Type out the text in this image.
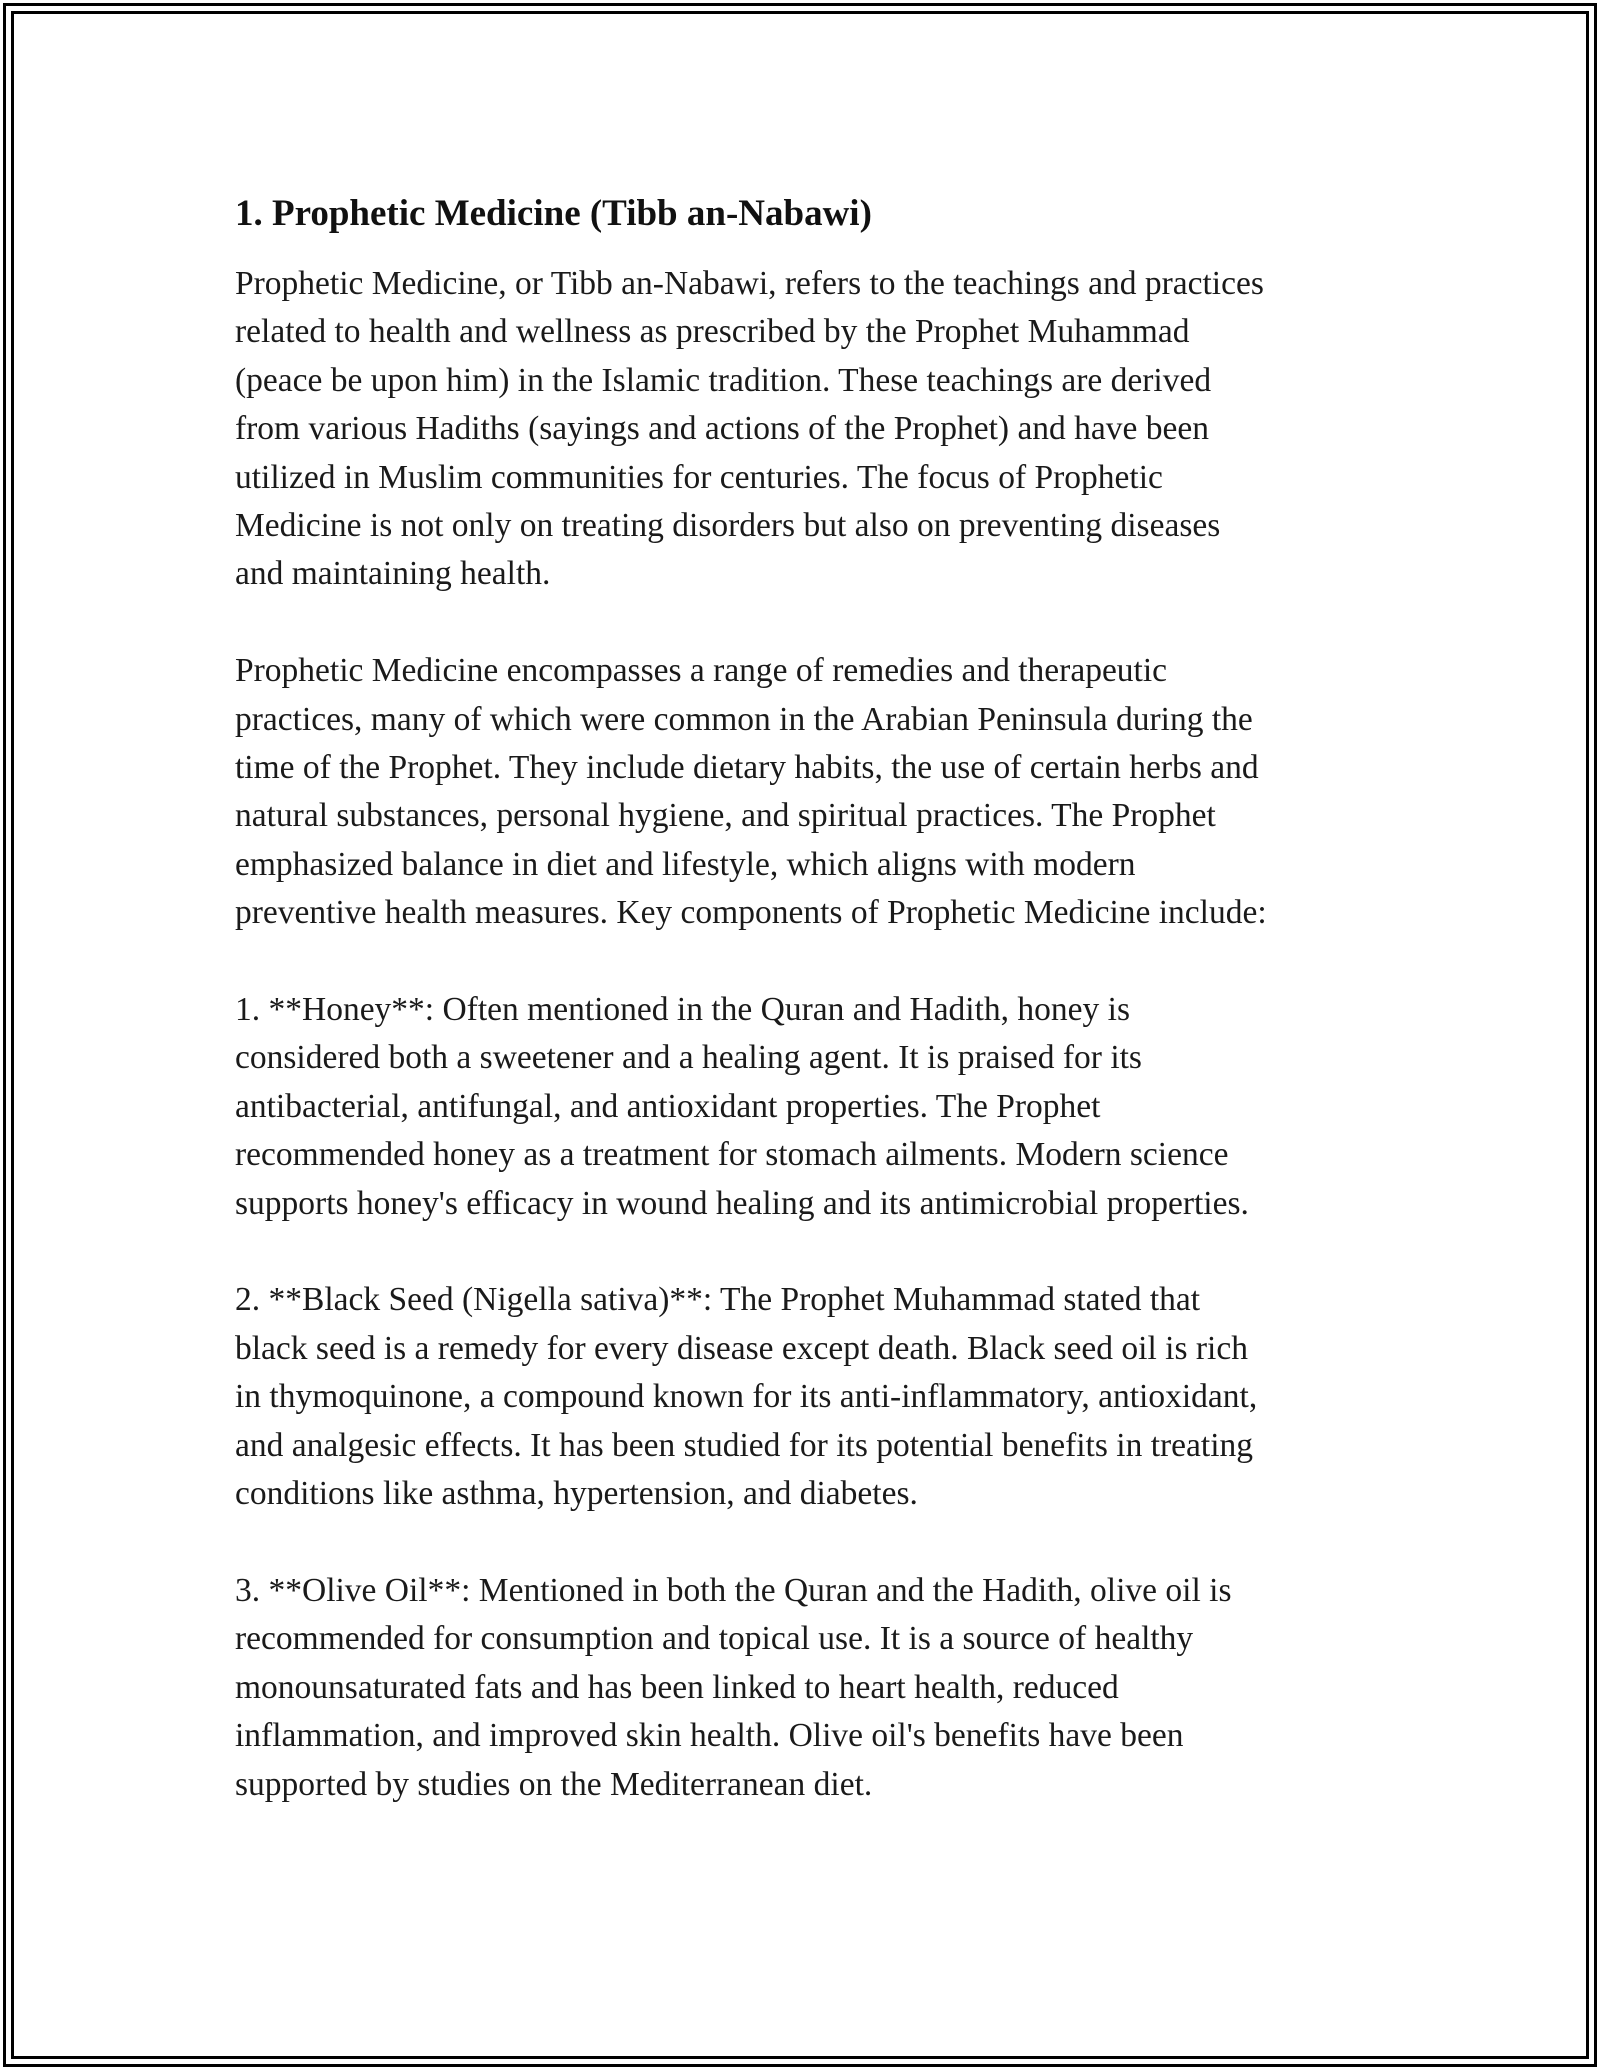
1. Prophetic Medicine (Tibb an-Nabawi)

Prophetic Medicine, or Tibb an-Nabawi, refers to the teachings and practices
related to health and wellness as prescribed by the Prophet Muhammad
(peace be upon him) in the Islamic tradition. These teachings are derived
from various Hadiths (sayings and actions of the Prophet) and have been
utilized in Muslim communities for centuries. The focus of Prophetic
Medicine is not only on treating disorders but also on preventing diseases
and maintaining health.

Prophetic Medicine encompasses a range of remedies and therapeutic
practices, many of which were common in the Arabian Peninsula during the
time of the Prophet. They include dietary habits, the use of certain herbs and
natural substances, personal hygiene, and spiritual practices. The Prophet
emphasized balance in diet and lifestyle, which aligns with modern
preventive health measures. Key components of Prophetic Medicine include:

1. **Honey**: Often mentioned in the Quran and Hadith, honey is
considered both a sweetener and a healing agent. It is praised for its
antibacterial, antifungal, and antioxidant properties. The Prophet
recommended honey as a treatment for stomach ailments. Modern science
supports honey's efficacy in wound healing and its antimicrobial properties.

2. **Black Seed (Nigella sativa)**: The Prophet Muhammad stated that
black seed is a remedy for every disease except death. Black seed oil is rich
in thymoquinone, a compound known for its anti-inflammatory, antioxidant,
and analgesic effects. It has been studied for its potential benefits in treating
conditions like asthma, hypertension, and diabetes.

3. **Olive Oil**: Mentioned in both the Quran and the Hadith, olive oil is
recommended for consumption and topical use. It is a source of healthy
monounsaturated fats and has been linked to heart health, reduced
inflammation, and improved skin health. Olive oil's benefits have been
supported by studies on the Mediterranean diet.
